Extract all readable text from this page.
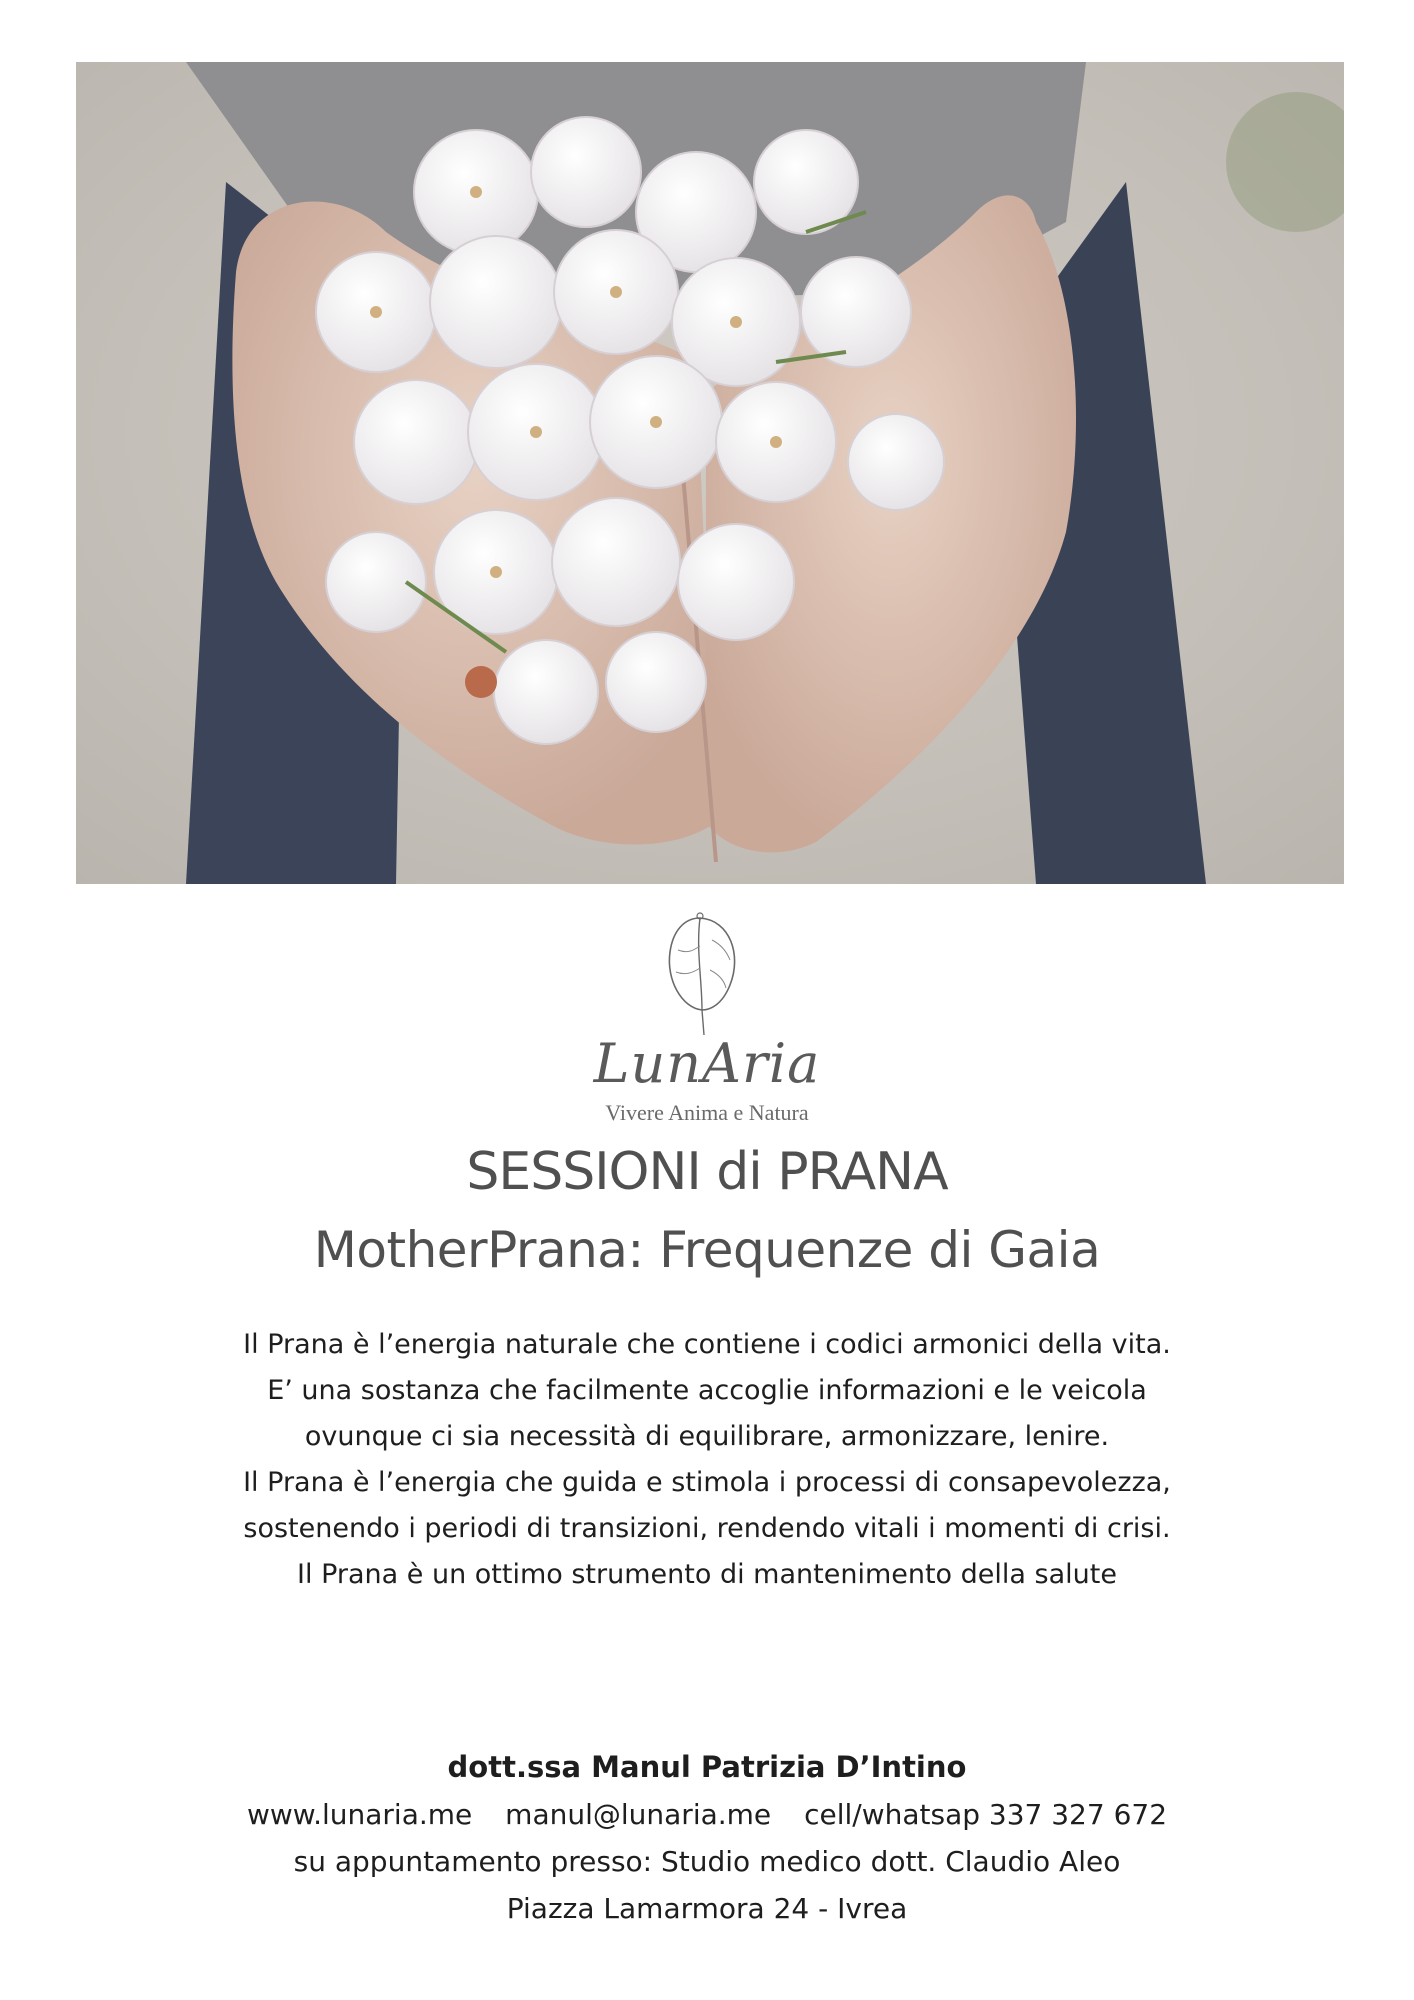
LunAria
Vivere Anima e Natura
SESSIONI di PRANA
MotherPrana: Frequenze di Gaia
Il Prana è l’energia naturale che contiene i codici armonici della vita.
E’ una sostanza che facilmente accoglie informazioni e le veicola
ovunque ci sia necessità di equilibrare, armonizzare, lenire.
Il Prana è l’energia che guida e stimola i processi di consapevolezza,
sostenendo i periodi di transizioni, rendendo vitali i momenti di crisi.
Il Prana è un ottimo strumento di mantenimento della salute
dott.ssa Manul Patrizia D’Intino
www.lunaria.me manul@lunaria.me cell/whatsap 337 327 672
su appuntamento presso: Studio medico dott. Claudio Aleo
Piazza Lamarmora 24 - Ivrea
